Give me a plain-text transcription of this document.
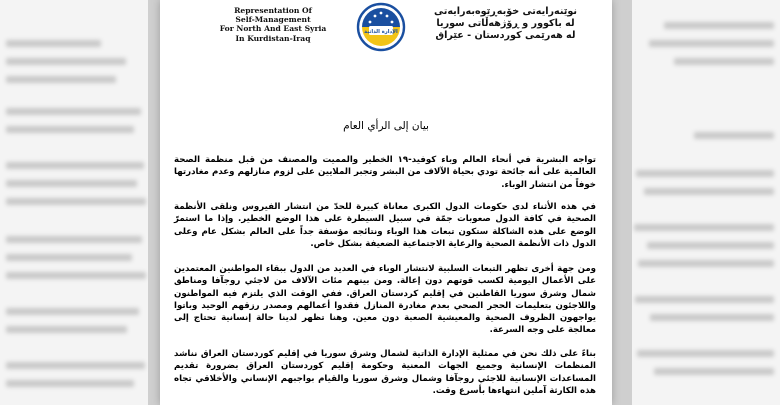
Representation Of
Self-Management
For North And East Syria
In Kurdistan-Iraq
الإدارة الذاتية
نوێنەرایەتی خۆبەڕێوەبەرایەتی
لە باکوور و ڕۆژهەڵاتی سوریا
لە هەرێمی کوردستان - عێراق
بيان إلى الرأي العام

تواجه البشرية في أنحاء العالم وباء كوفيد-١٩ الخطير والمميت والمصنف من قبل منظمة الصحة العالمية على أنه جائحة تودي بحياة الآلاف من البشر وتجبر الملايين على لزوم منازلهم وعدم مغادرتها خوفاً من انتشار الوباء.

في هذه الأثناء لدى حكومات الدول الكبرى معاناة كبيرة للحدّ من انتشار الفيروس ونلقى الأنظمة الصحية في كافة الدول صعوبات جمّة في سبيل السيطرة على هذا الوضع الخطير. وإذا ما استمرّ الوضع على هذه الشاكلة ستكون تبعات هذا الوباء ونتائجه مؤسفة جداً على العالم بشكل عام وعلى الدول ذات الأنظمة الصحية والرعاية الاجتماعية الضعيفة بشكل خاص.

ومن جهة أخرى تظهر التبعات السلبية لانتشار الوباء في العديد من الدول ببقاء المواطنين المعتمدين على الأعمال اليومية لكسب قوتهم دون إعالة. ومن بينهم مئات الآلاف من لاجئي روجآفا ومناطق شمال وشرق سوريا القاطنين في إقليم كردستان العراق. ففي الوقت الذي يلتزم فيه المواطنون واللاجئون بتعليمات الحجر الصحي بعدم مغادرة المنازل فقدوا أعمالهم ومصدر رزقهم الوحيد وباتوا يواجهون الظروف الصحية والمعيشية الصعبة دون معين. وهنا تظهر لدينا حالة إنسانية تحتاج إلى معالجة على وجه السرعة.

بناءً على ذلك نحن في ممثلية الإدارة الذاتية لشمال وشرق سوريا في إقليم كوردستان العراق نناشد المنظمات الإنسانية وجميع الجهات المعنية وحكومة إقليم كوردستان العراق بضرورة تقديم المساعدات الإنسانية للاجئي روجآفا وشمال وشرق سوريا والقيام بواجبهم الإنساني والأخلاقي تجاه هذه الكارثة آملين انتهاءها بأسرع وقت.
